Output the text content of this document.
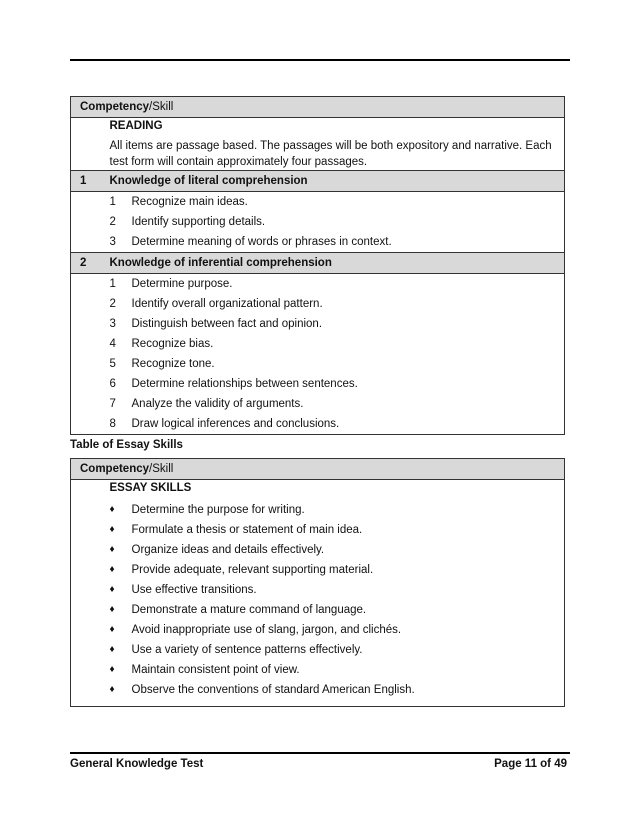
Competency/Skill		
	READING	
	All items are passage based. The passages will be both expository and narrative. Each
test form will contain approximately four passages.	
1	Knowledge of literal comprehension	
	1	Recognize main ideas.
	2	Identify supporting details.
	3	Determine meaning of words or phrases in context.
2	Knowledge of inferential comprehension	
	1	Determine purpose.
	2	Identify overall organizational pattern.
	3	Distinguish between fact and opinion.
	4	Recognize bias.
	5	Recognize tone.
	6	Determine relationships between sentences.
	7	Analyze the validity of arguments.
	8	Draw logical inferences and conclusions.
Table of Essay Skills
Competency/Skill		
	ESSAY SKILLS	
	♦	Determine the purpose for writing.
	♦	Formulate a thesis or statement of main idea.
	♦	Organize ideas and details effectively.
	♦	Provide adequate, relevant supporting material.
	♦	Use effective transitions.
	♦	Demonstrate a mature command of language.
	♦	Avoid inappropriate use of slang, jargon, and clichés.
	♦	Use a variety of sentence patterns effectively.
	♦	Maintain consistent point of view.
	♦	Observe the conventions of standard American English.

General Knowledge Test	Page 11 of 49
